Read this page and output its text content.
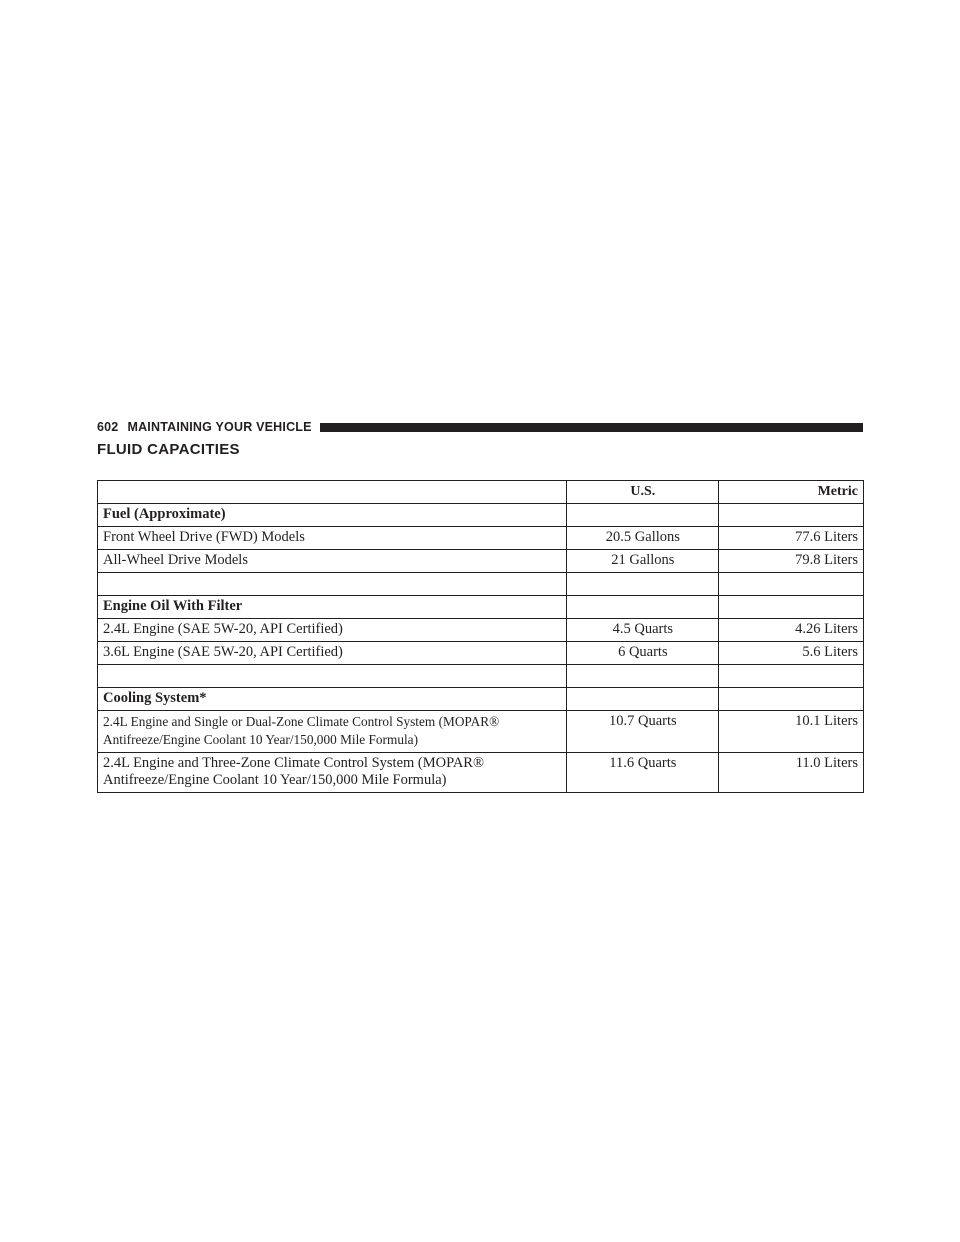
602 MAINTAINING YOUR VEHICLE
FLUID CAPACITIES
	U.S.	Metric
Fuel (Approximate)		
Front Wheel Drive (FWD) Models	20.5 Gallons	77.6 Liters
All-Wheel Drive Models	21 Gallons	79.8 Liters

Engine Oil With Filter		
2.4L Engine (SAE 5W-20, API Certified)	4.5 Quarts	4.26 Liters
3.6L Engine (SAE 5W-20, API Certified)	6 Quarts	5.6 Liters

Cooling System*		
2.4L Engine and Single or Dual-Zone Climate Control System (MOPAR® Antifreeze/Engine Coolant 10 Year/150,000 Mile Formula)	10.7 Quarts	10.1 Liters
2.4L Engine and Three-Zone Climate Control System (MOPAR® Antifreeze/Engine Coolant 10 Year/150,000 Mile Formula)	11.6 Quarts	11.0 Liters
